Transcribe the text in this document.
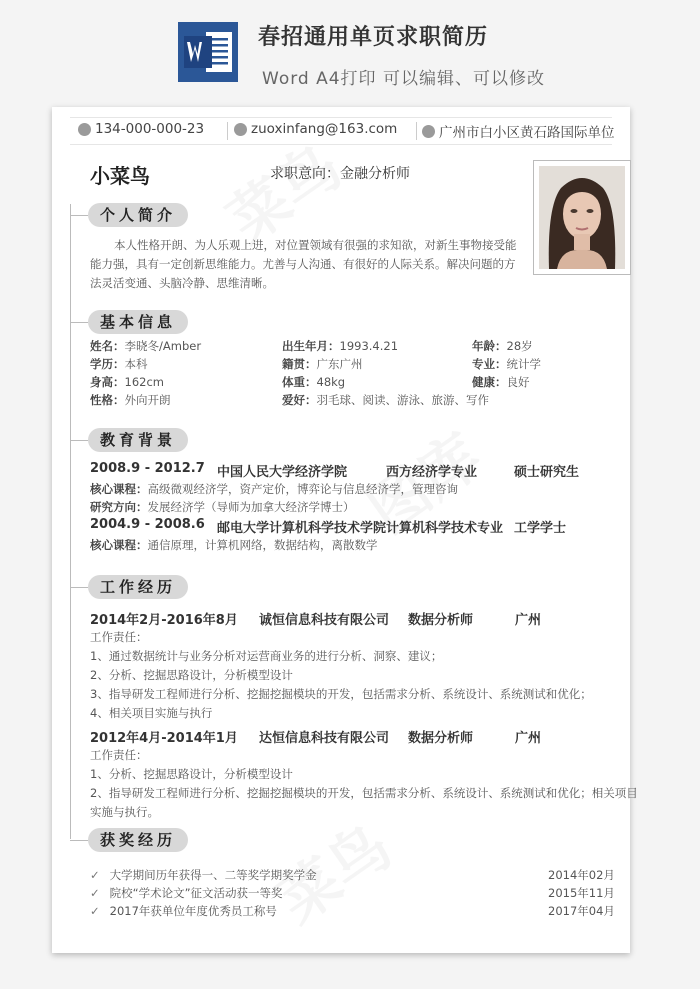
春招通用单页求职简历
Word A4打印 可以编辑、可以修改
134-000-000-23	zuoxinfang@163.com	广州市白小区黄石路国际单位
小菜鸟	求职意向：金融分析师
个人简介
本人性格开朗、为人乐观上进，对位置领域有很强的求知欲，对新生事物接受能能力强，具有一定创新思维能力。尤善与人沟通、有很好的人际关系。解决问题的方法灵活变通、头脑冷静、思维清晰。
基本信息
姓名：李晓冬/Amber	出生年月：1993.4.21	年龄：28岁
学历：本科	籍贯：广东广州	专业：统计学
身高：162cm	体重：48kg	健康：良好
性格：外向开朗	爱好：羽毛球、阅读、游泳、旅游、写作
教育背景
2008.9 - 2012.7 中国人民大学经济学院	西方经济学专业	硕士研究生
核心课程：高级微观经济学，资产定价，博弈论与信息经济学，管理咨询
研究方向：发展经济学（导师为加拿大经济学博士）
2004.9 - 2008.6 邮电大学计算机科学技术学院 计算机科学技术专业 工学学士
核心课程：通信原理，计算机网络，数据结构，离散数学
工作经历
2014年2月-2016年8月 诚恒信息科技有限公司 数据分析师	广州
工作责任：
1、通过数据统计与业务分析对运营商业务的进行分析、洞察、建议；
2、分析、挖掘思路设计，分析模型设计
3、指导研发工程师进行分析、挖掘挖掘模块的开发，包括需求分析、系统设计、系统测试和优化；
4、相关项目实施与执行
2012年4月-2014年1月 达恒信息科技有限公司 数据分析师	广州
工作责任：
1、分析、挖掘思路设计，分析模型设计
2、指导研发工程师进行分析、挖掘挖掘模块的开发，包括需求分析、系统设计、系统测试和优化；相关项目
实施与执行。
获奖经历
✓ 大学期间历年获得一、二等奖学期奖学金	2014年02月
✓ 院校“学术论文”征文活动获一等奖	2015年11月
✓ 2017年获单位年度优秀员工称号	2017年04月
